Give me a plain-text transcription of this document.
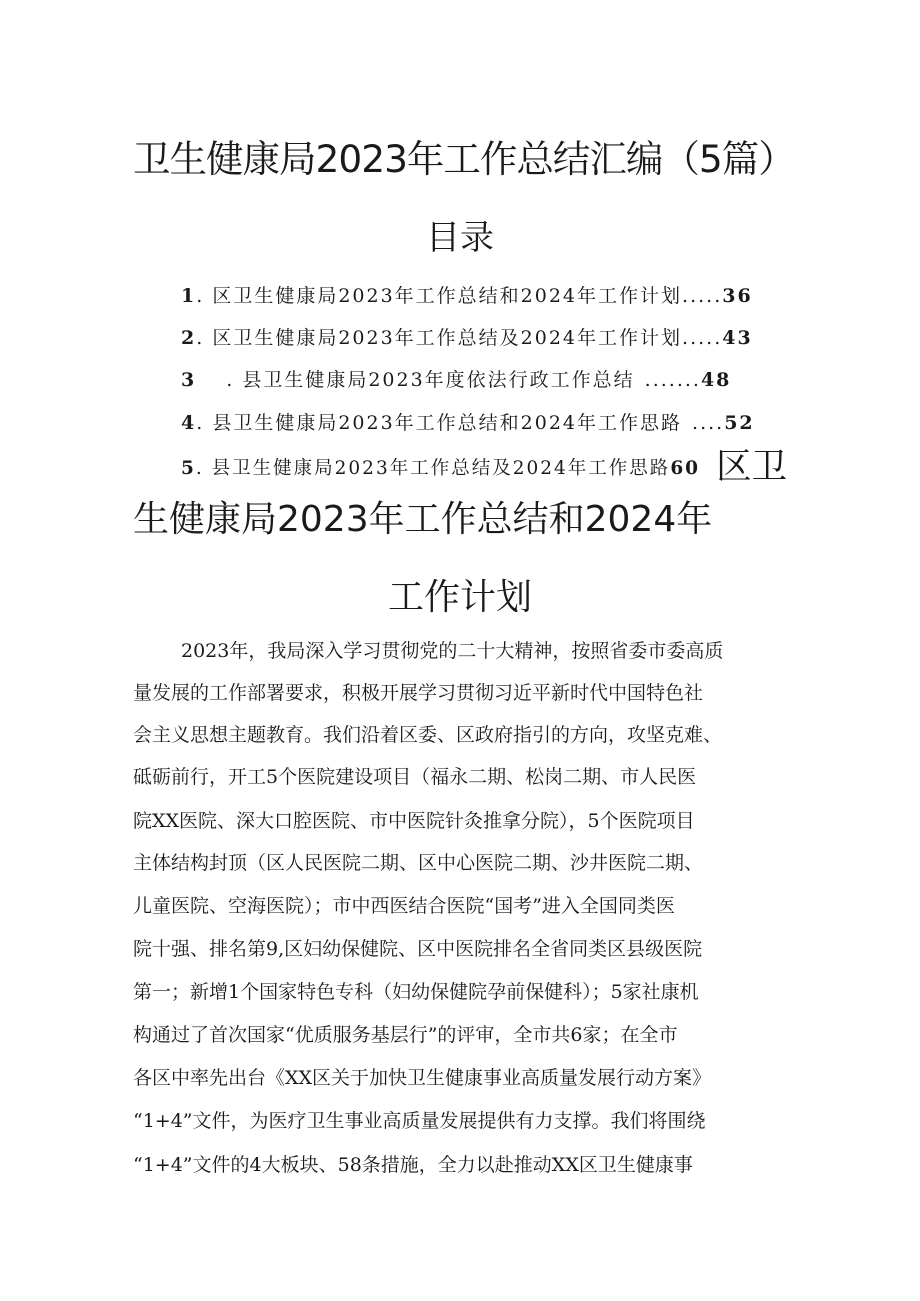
卫生健康局2023年工作总结汇编（5篇）
目录
1. 区卫生健康局2023年工作总结和2024年工作计划.....36
2. 区卫生健康局2023年工作总结及2024年工作计划.....43
3 . 县卫生健康局2023年度依法行政工作总结 .......48
4. 县卫生健康局2023年工作总结和2024年工作思路 ....52
5. 县卫生健康局2023年工作总结及2024年工作思路60 区卫
生健康局2023年工作总结和2024年
工作计划
2023年，我局深入学习贯彻党的二十大精神，按照省委市委高质
量发展的工作部署要求，积极开展学习贯彻习近平新时代中国特色社
会主义思想主题教育。我们沿着区委、区政府指引的方向，攻坚克难、
砥砺前行，开工5个医院建设项目（福永二期、松岗二期、市人民医
院XX医院、深大口腔医院、市中医院针灸推拿分院），5个医院项目
主体结构封顶（区人民医院二期、区中心医院二期、沙井医院二期、
儿童医院、空海医院）；市中西医结合医院“国考”进入全国同类医
院十强、排名第9,区妇幼保健院、区中医院排名全省同类区县级医院
第一；新增1个国家特色专科（妇幼保健院孕前保健科）；5家社康机
构通过了首次国家“优质服务基层行”的评审，全市共6家；在全市
各区中率先出台《XX区关于加快卫生健康事业高质量发展行动方案》
“1+4”文件，为医疗卫生事业高质量发展提供有力支撑。我们将围绕
“1+4”文件的4大板块、58条措施，全力以赴推动XX区卫生健康事
